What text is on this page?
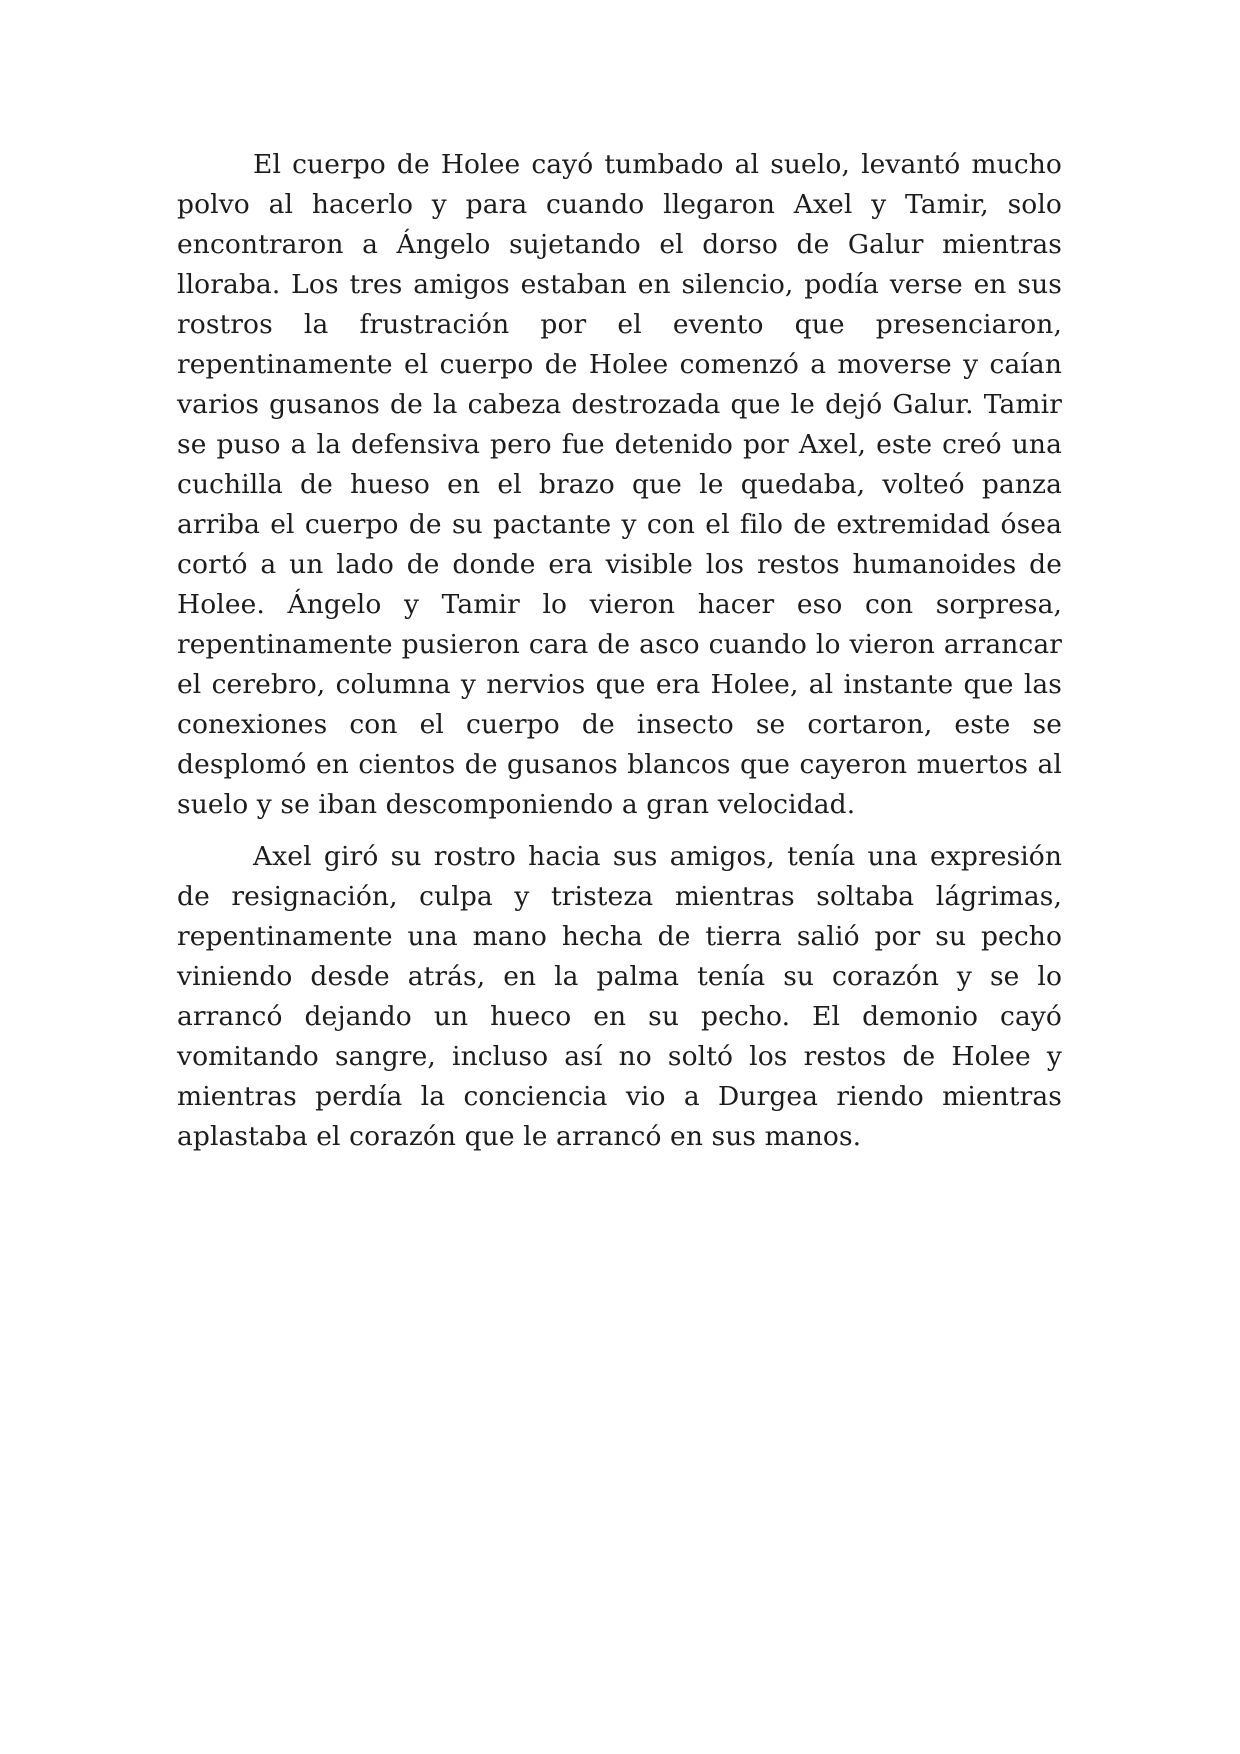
El cuerpo de Holee cayó tumbado al suelo, levantó mucho polvo al hacerlo y para cuando llegaron Axel y Tamir, solo encontraron a Ángelo sujetando el dorso de Galur mientras lloraba. Los tres amigos estaban en silencio, podía verse en sus rostros la frustración por el evento que presenciaron, repentinamente el cuerpo de Holee comenzó a moverse y caían varios gusanos de la cabeza destrozada que le dejó Galur. Tamir se puso a la defensiva pero fue detenido por Axel, este creó una cuchilla de hueso en el brazo que le quedaba, volteó panza arriba el cuerpo de su pactante y con el filo de extremidad ósea cortó a un lado de donde era visible los restos humanoides de Holee. Ángelo y Tamir lo vieron hacer eso con sorpresa, repentinamente pusieron cara de asco cuando lo vieron arrancar el cerebro, columna y nervios que era Holee, al instante que las conexiones con el cuerpo de insecto se cortaron, este se desplomó en cientos de gusanos blancos que cayeron muertos al suelo y se iban descomponiendo a gran velocidad.

Axel giró su rostro hacia sus amigos, tenía una expresión de resignación, culpa y tristeza mientras soltaba lágrimas, repentinamente una mano hecha de tierra salió por su pecho viniendo desde atrás, en la palma tenía su corazón y se lo arrancó dejando un hueco en su pecho. El demonio cayó vomitando sangre, incluso así no soltó los restos de Holee y mientras perdía la conciencia vio a Durgea riendo mientras aplastaba el corazón que le arrancó en sus manos.
